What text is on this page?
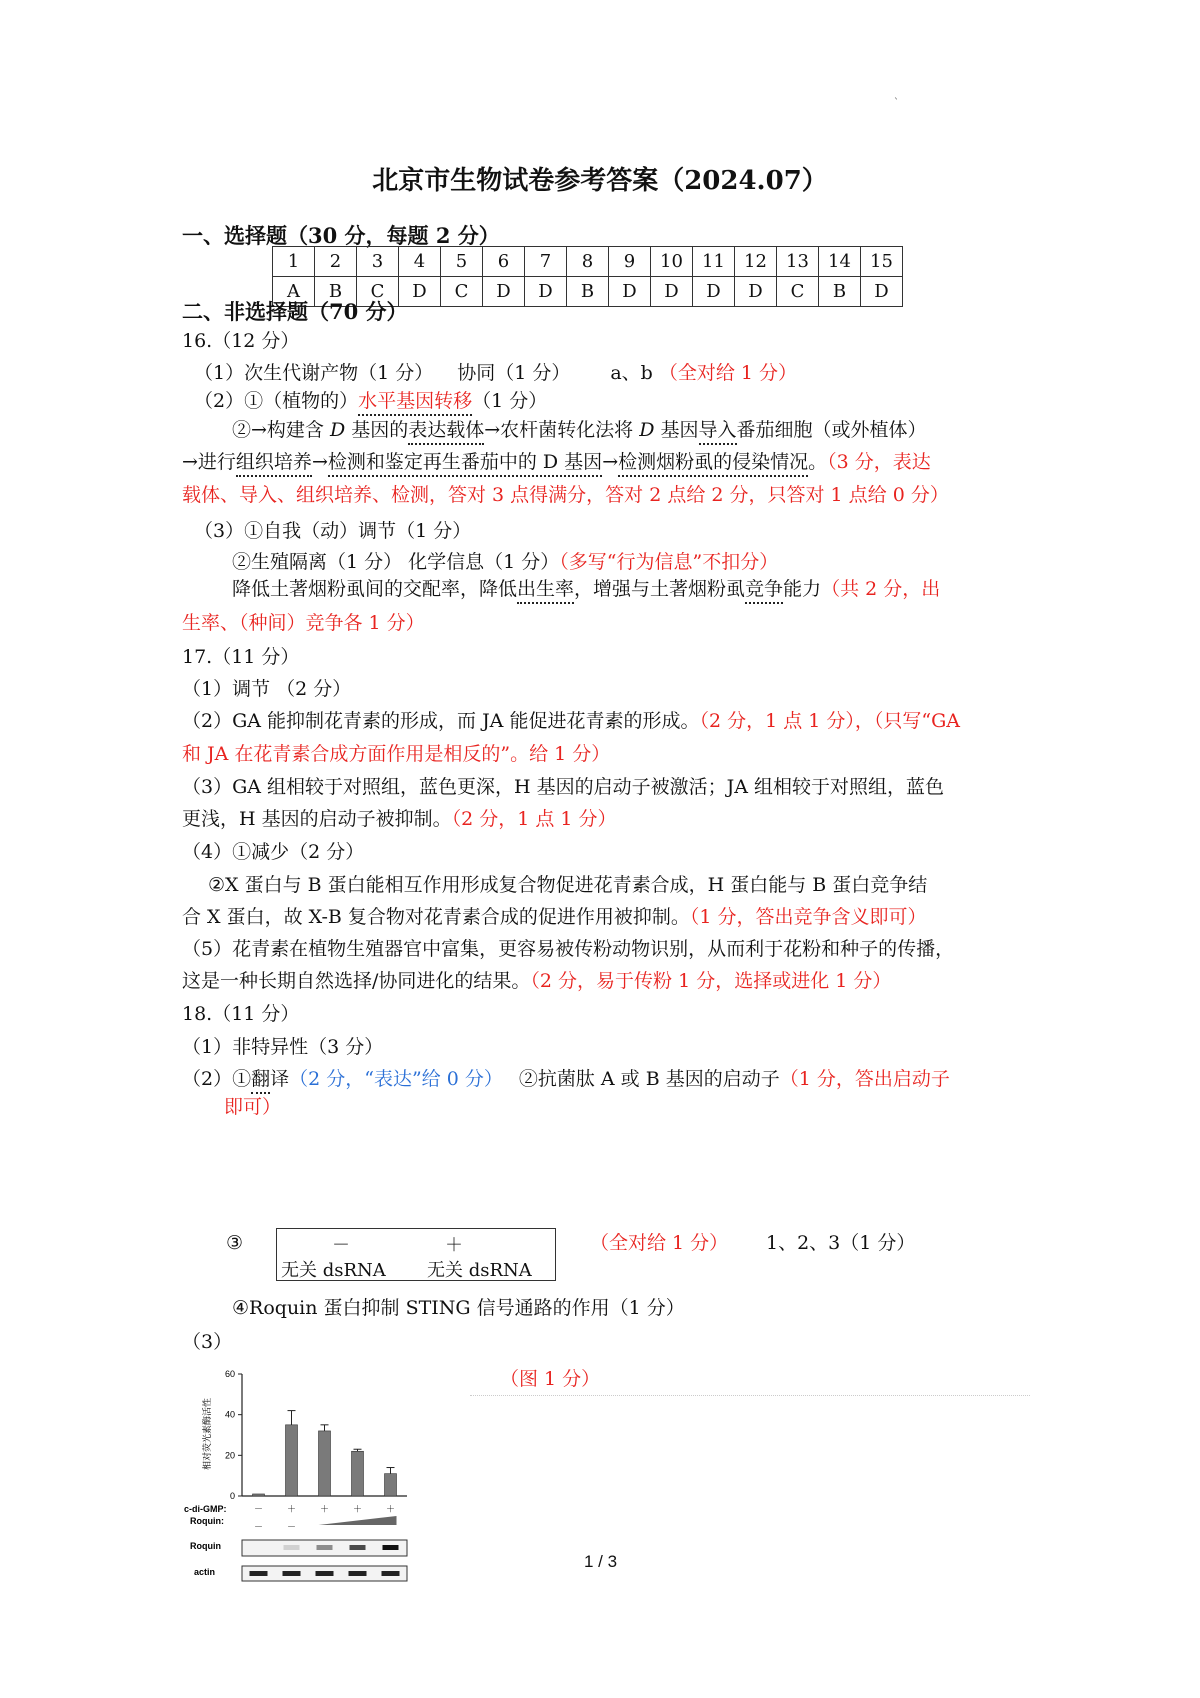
`
北京市生物试卷参考答案（2024.07）
一、选择题（30 分，每题 2 分）
1	2	3	4	5	6	7	8	9	10	11	12	13	14	15
A	B	C	D	C	D	D	B	D	D	D	D	C	B	D
二、非选择题（70 分）
16.（12 分）
（1）次生代谢产物（1 分） 协同（1 分） a、b （全对给 1 分）
（2）①（植物的）水平基因转移（1 分）
②→构建含 D 基因的表达载体→农杆菌转化法将 D 基因导入番茄细胞（或外植体）
→进行组织培养→检测和鉴定再生番茄中的 D 基因→检测烟粉虱的侵染情况。（3 分，表达
载体、导入、组织培养、检测，答对 3 点得满分，答对 2 点给 2 分，只答对 1 点给 0 分）
（3）①自我（动）调节（1 分）
②生殖隔离（1 分） 化学信息（1 分）（多写“行为信息”不扣分）
降低土著烟粉虱间的交配率，降低出生率，增强与土著烟粉虱竞争能力（共 2 分，出
生率、（种间）竞争各 1 分）
17.（11 分）
（1）调节 （2 分）
（2）GA 能抑制花青素的形成，而 JA 能促进花青素的形成。（2 分，1 点 1 分），（只写“GA
和 JA 在花青素合成方面作用是相反的”。给 1 分）
（3）GA 组相较于对照组，蓝色更深，H 基因的启动子被激活；JA 组相较于对照组，蓝色
更浅，H 基因的启动子被抑制。（2 分，1 点 1 分）
（4）①减少（2 分）
②X 蛋白与 B 蛋白能相互作用形成复合物促进花青素合成，H 蛋白能与 B 蛋白竞争结
合 X 蛋白，故 X-B 复合物对花青素合成的促进作用被抑制。（1 分，答出竞争含义即可）
（5）花青素在植物生殖器官中富集，更容易被传粉动物识别，从而利于花粉和种子的传播，
这是一种长期自然选择/协同进化的结果。（2 分，易于传粉 1 分，选择或进化 1 分）
18.（11 分）
（1）非特异性（3 分）
（2）①翻译（2 分，“表达”给 0 分） ②抗菌肽 A 或 B 基因的启动子（1 分，答出启动子
即可）
③	－	＋
无关 dsRNA 无关 dsRNA
（全对给 1 分） 1、2、3（1 分）
④Roquin 蛋白抑制 STING 信号通路的作用（1 分）
（3）
（图 1 分）
60
40
20
0
相对荧光素酶活性
c-di-GMP:	－	＋	＋	＋	＋
Roquin:
－	－
Roquin
actin
1 / 3
